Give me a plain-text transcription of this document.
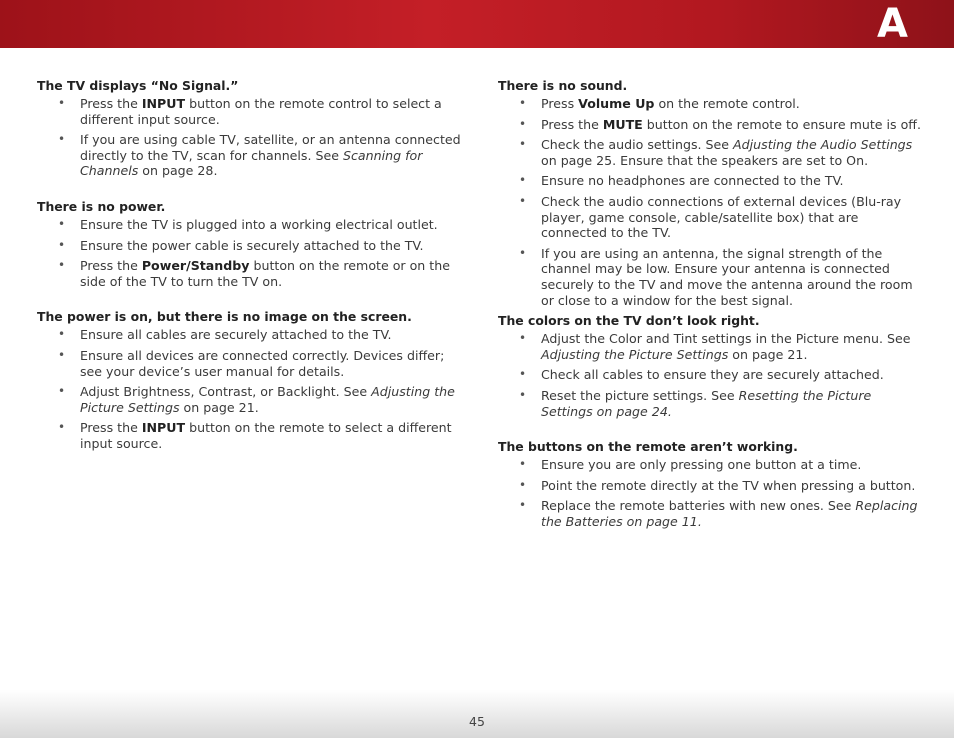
A

The TV displays “No Signal.”

• Press the INPUT button on the remote control to select a different input source.
• If you are using cable TV, satellite, or an antenna connected directly to the TV, scan for channels. See Scanning for Channels on page 28.

There is no power.

• Ensure the TV is plugged into a working electrical outlet.
• Ensure the power cable is securely attached to the TV.
• Press the Power/Standby button on the remote or on the side of the TV to turn the TV on.

The power is on, but there is no image on the screen.

• Ensure all cables are securely attached to the TV.
• Ensure all devices are connected correctly. Devices differ; see your device’s user manual for details.
• Adjust Brightness, Contrast, or Backlight. See Adjusting the Picture Settings on page 21.
• Press the INPUT button on the remote to select a different input source.

There is no sound.

• Press Volume Up on the remote control.
• Press the MUTE button on the remote to ensure mute is off.
• Check the audio settings. See Adjusting the Audio Settings on page 25. Ensure that the speakers are set to On.
• Ensure no headphones are connected to the TV.
• Check the audio connections of external devices (Blu-ray player, game console, cable/satellite box) that are connected to the TV.
• If you are using an antenna, the signal strength of the channel may be low. Ensure your antenna is connected securely to the TV and move the antenna around the room or close to a window for the best signal.

The colors on the TV don’t look right.

• Adjust the Color and Tint settings in the Picture menu. See Adjusting the Picture Settings on page 21.
• Check all cables to ensure they are securely attached.
• Reset the picture settings. See Resetting the Picture Settings on page 24.

The buttons on the remote aren’t working.

• Ensure you are only pressing one button at a time.
• Point the remote directly at the TV when pressing a button.
• Replace the remote batteries with new ones. See Replacing the Batteries on page 11.
45
